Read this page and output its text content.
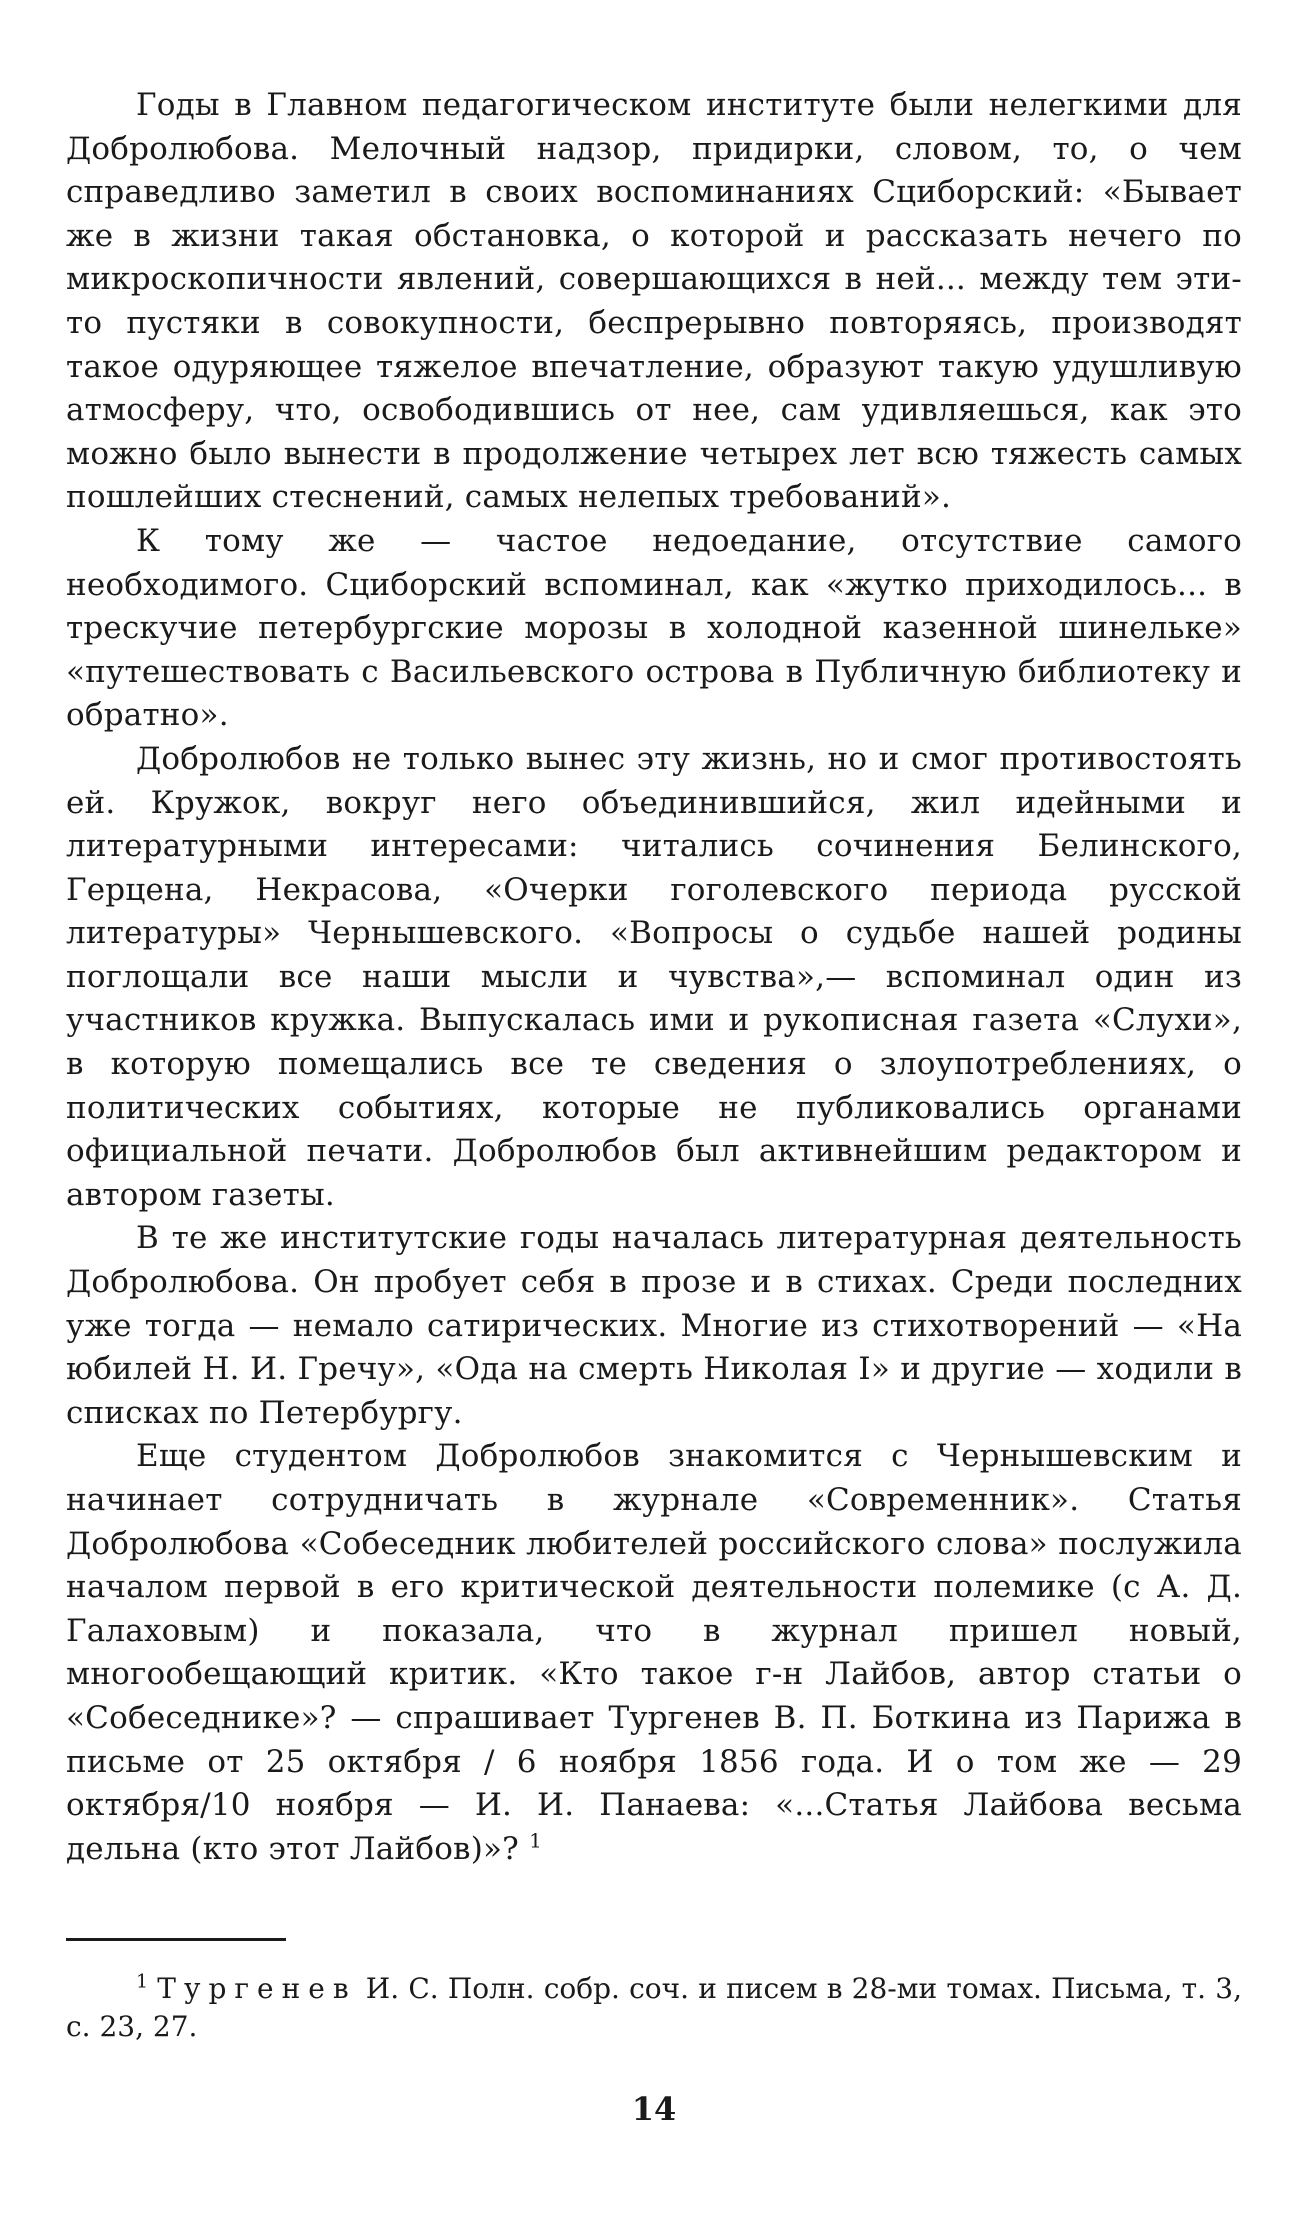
Годы в Главном педагогическом институте были нелегкими для Добролюбова. Мелочный надзор, придирки, словом, то, о чем справедливо заметил в своих воспоминаниях Сциборский: «Бывает же в жизни такая обстановка, о которой и рассказать нечего по микроскопичности явлений, совершающихся в ней... между тем эти-то пустяки в совокупности, беспрерывно повторяясь, производят такое одуряющее тяжелое впечатление, образуют такую удушливую атмосферу, что, освободившись от нее, сам удивляешься, как это можно было вынести в продолжение четырех лет всю тяжесть самых пошлейших стеснений, самых нелепых требований».

К тому же — частое недоедание, отсутствие самого необходимого. Сциборский вспоминал, как «жутко приходилось... в трескучие петербургские морозы в холодной казенной шинельке» «путешествовать с Васильевского острова в Публичную библиотеку и обратно».

Добролюбов не только вынес эту жизнь, но и смог противостоять ей. Кружок, вокруг него объединившийся, жил идейными и литературными интересами: читались сочинения Белинского, Герцена, Некрасова, «Очерки гоголевского периода русской литературы» Чернышевского. «Вопросы о судьбе нашей родины поглощали все наши мысли и чувства»,— вспоминал один из участников кружка. Выпускалась ими и рукописная газета «Слухи», в которую помещались все те сведения о злоупотреблениях, о политических событиях, которые не публиковались органами официальной печати. Добролюбов был активнейшим редактором и автором газеты.

В те же институтские годы началась литературная деятельность Добролюбова. Он пробует себя в прозе и в стихах. Среди последних уже тогда — немало сатирических. Многие из стихотворений — «На юбилей Н. И. Гречу», «Ода на смерть Николая I» и другие — ходили в списках по Петербургу.

Еще студентом Добролюбов знакомится с Чернышевским и начинает сотрудничать в журнале «Современник». Статья Добролюбова «Собеседник любителей российского слова» послужила началом первой в его критической деятельности полемике (с А. Д. Галаховым) и показала, что в журнал пришел новый, многообещающий критик. «Кто такое г-н Лайбов, автор статьи о «Собеседнике»? — спрашивает Тургенев В. П. Боткина из Парижа в письме от 25 октября / 6 ноября 1856 года. И о том же — 29 октября/10 ноября — И. И. Панаева: «...Статья Лайбова весьма дельна (кто этот Лайбов)»? $^1$

$^1$ Тургенев И. С. Полн. собр. соч. и писем в 28-ми томах. Письма, т. 3, с. 23, 27.

14
